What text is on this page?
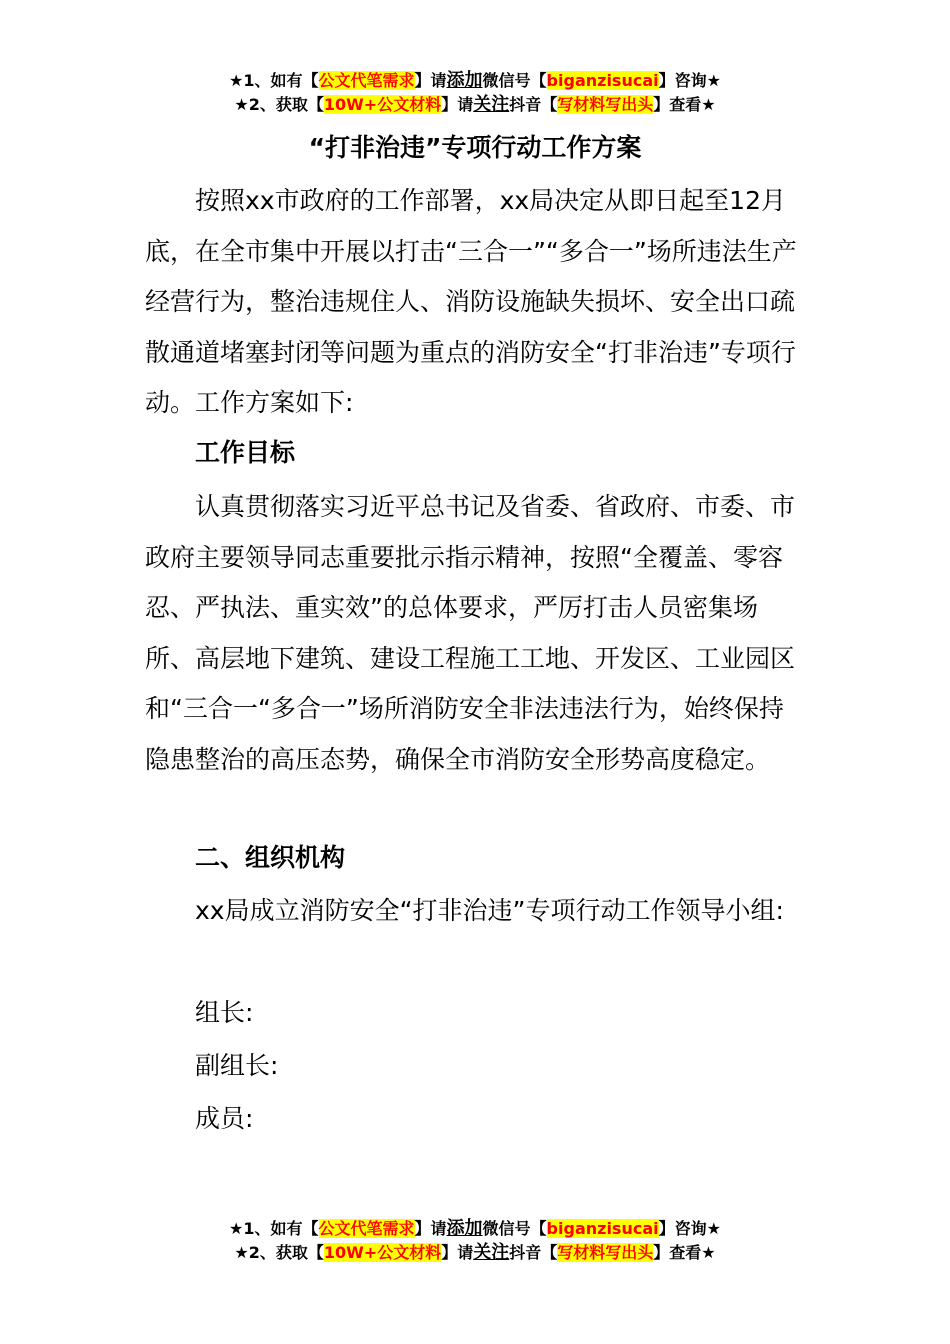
★1、如有【公文代笔需求】请添加微信号【biganzisucai】咨询★
★2、获取【10W+公文材料】请关注抖音【写材料写出头】查看★
“打非治违”专项行动工作方案

按照xx市政府的工作部署，xx局决定从即日起至12月底，在全市集中开展以打击“三合一”“多合一”场所违法生产经营行为，整治违规住人、消防设施缺失损坏、安全出口疏散通道堵塞封闭等问题为重点的消防安全“打非治违”专项行动。工作方案如下:

工作目标

认真贯彻落实习近平总书记及省委、省政府、市委、市政府主要领导同志重要批示指示精神，按照“全覆盖、零容忍、严执法、重实效”的总体要求，严厉打击人员密集场所、高层地下建筑、建设工程施工工地、开发区、工业园区和“三合一“多合一”场所消防安全非法违法行为，始终保持隐患整治的高压态势，确保全市消防安全形势高度稳定。

二、组织机构

xx局成立消防安全“打非治违”专项行动工作领导小组:

组长:

副组长:

成员:

★1、如有【公文代笔需求】请添加微信号【biganzisucai】咨询★
★2、获取【10W+公文材料】请关注抖音【写材料写出头】查看★
